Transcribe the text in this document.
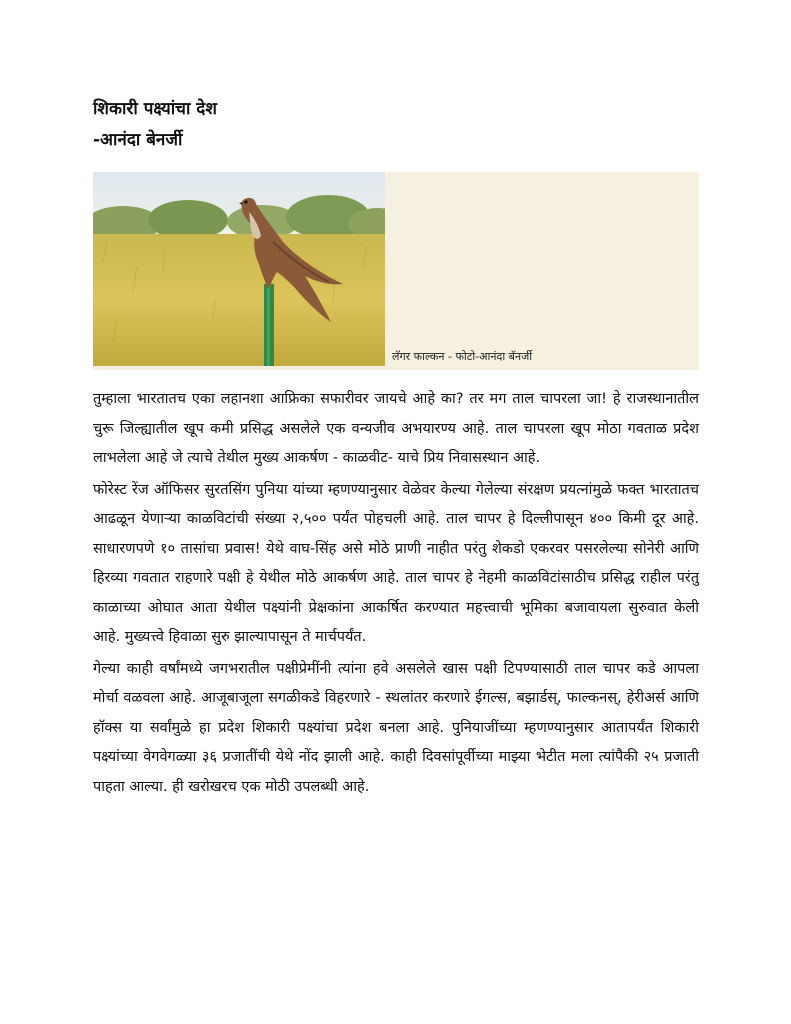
शिकारी पक्ष्यांचा देश
-आनंदा बेनर्जी
लॅगर फाल्कन - फोटो-आनंदा बॅनर्जी

तुम्हाला भारतातच एका लहानशा आफ्रिका सफारीवर जायचे आहे का? तर मग ताल चापरला जा! हे राजस्थानातील चुरू जिल्ह्यातील खूप कमी प्रसिद्ध असलेले एक वन्यजीव अभयारण्य आहे. ताल चापरला खूप मोठा गवताळ प्रदेश लाभलेला आहे जे त्याचे तेथील मुख्य आकर्षण - काळवीट- याचे प्रिय निवासस्थान आहे.

फोरेस्ट रेंज ऑफिसर सुरतसिंग पुनिया यांच्या म्हणण्यानुसार वेळेवर केल्या गेलेल्या संरक्षण प्रयत्नांमुळे फक्त भारतातच आढळून येणाऱ्या काळविटांची संख्या २,५०० पर्यंत पोहचली आहे. ताल चापर हे दिल्लीपासून ४०० किमी दूर आहे. साधारणपणे १० तासांचा प्रवास! येथे वाघ-सिंह असे मोठे प्राणी नाहीत परंतु शेकडो एकरवर पसरलेल्या सोनेरी आणि हिरव्या गवतात राहणारे पक्षी हे येथील मोठे आकर्षण आहे. ताल चापर हे नेहमी काळविटांसाठीच प्रसिद्ध राहील परंतु काळाच्या ओघात आता येथील पक्ष्यांनी प्रेक्षकांना आकर्षित करण्यात महत्त्वाची भूमिका बजावायला सुरुवात केली आहे. मुख्यत्त्वे हिवाळा सुरु झाल्यापासून ते मार्चपर्यंत.

गेल्या काही वर्षांमध्ये जगभरातील पक्षीप्रेमींनी त्यांना हवे असलेले खास पक्षी टिपण्यासाठी ताल चापर कडे आपला मोर्चा वळवला आहे. आजूबाजूला सगळीकडे विहरणारे - स्थलांतर करणारे ईगल्स, बझार्डस्, फाल्कनस्, हेरीअर्स आणि हॉक्स या सर्वांमुळे हा प्रदेश शिकारी पक्ष्यांचा प्रदेश बनला आहे. पुनियाजींच्या म्हणण्यानुसार आतापर्यंत शिकारी पक्ष्यांच्या वेगवेगळ्या ३६ प्रजातींची येथे नोंद झाली आहे. काही दिवसांपूर्वीच्या माझ्या भेटीत मला त्यांपैकी २५ प्रजाती पाहता आल्या. ही खरोखरच एक मोठी उपलब्धी आहे.
